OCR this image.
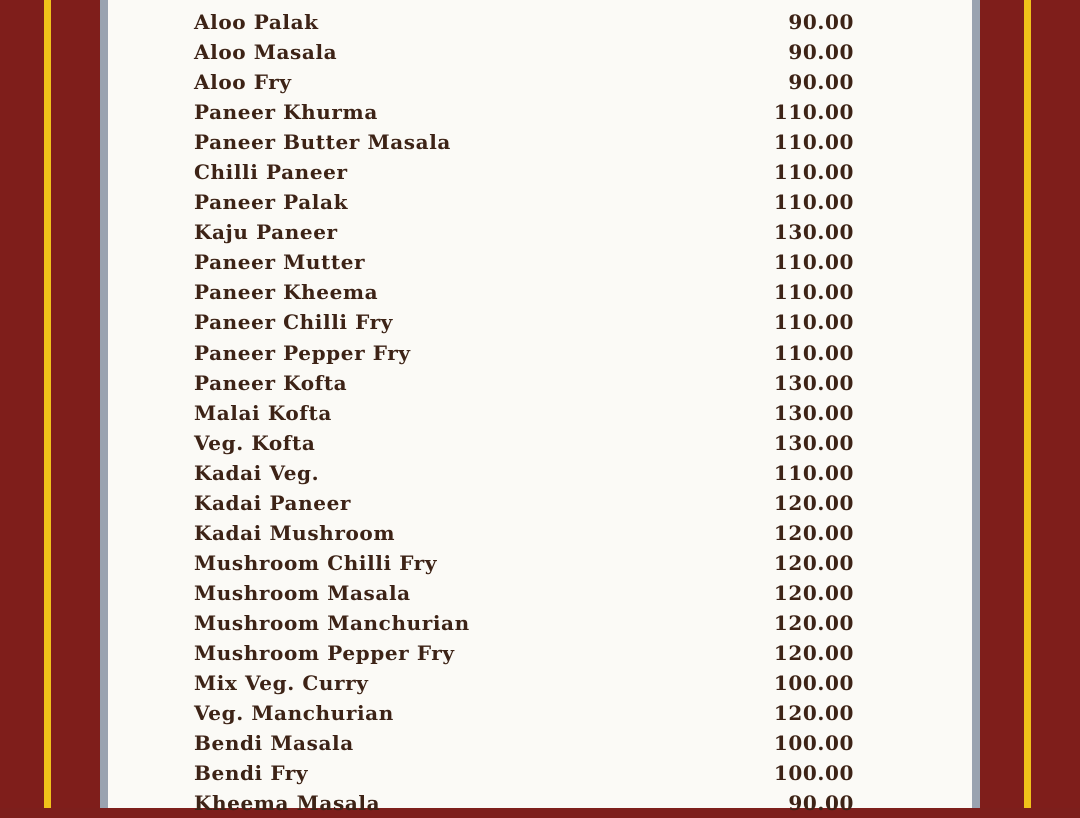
Aloo Palak	90.00
Aloo Masala	90.00
Aloo Fry	90.00
Paneer Khurma	110.00
Paneer Butter Masala	110.00
Chilli Paneer	110.00
Paneer Palak	110.00
Kaju Paneer	130.00
Paneer Mutter	110.00
Paneer Kheema	110.00
Paneer Chilli Fry	110.00
Paneer Pepper Fry	110.00
Paneer Kofta	130.00
Malai Kofta	130.00
Veg. Kofta	130.00
Kadai Veg.	110.00
Kadai Paneer	120.00
Kadai Mushroom	120.00
Mushroom Chilli Fry	120.00
Mushroom Masala	120.00
Mushroom Manchurian	120.00
Mushroom Pepper Fry	120.00
Mix Veg. Curry	100.00
Veg. Manchurian	120.00
Bendi Masala	100.00
Bendi Fry	100.00
Kheema Masala	90.00
